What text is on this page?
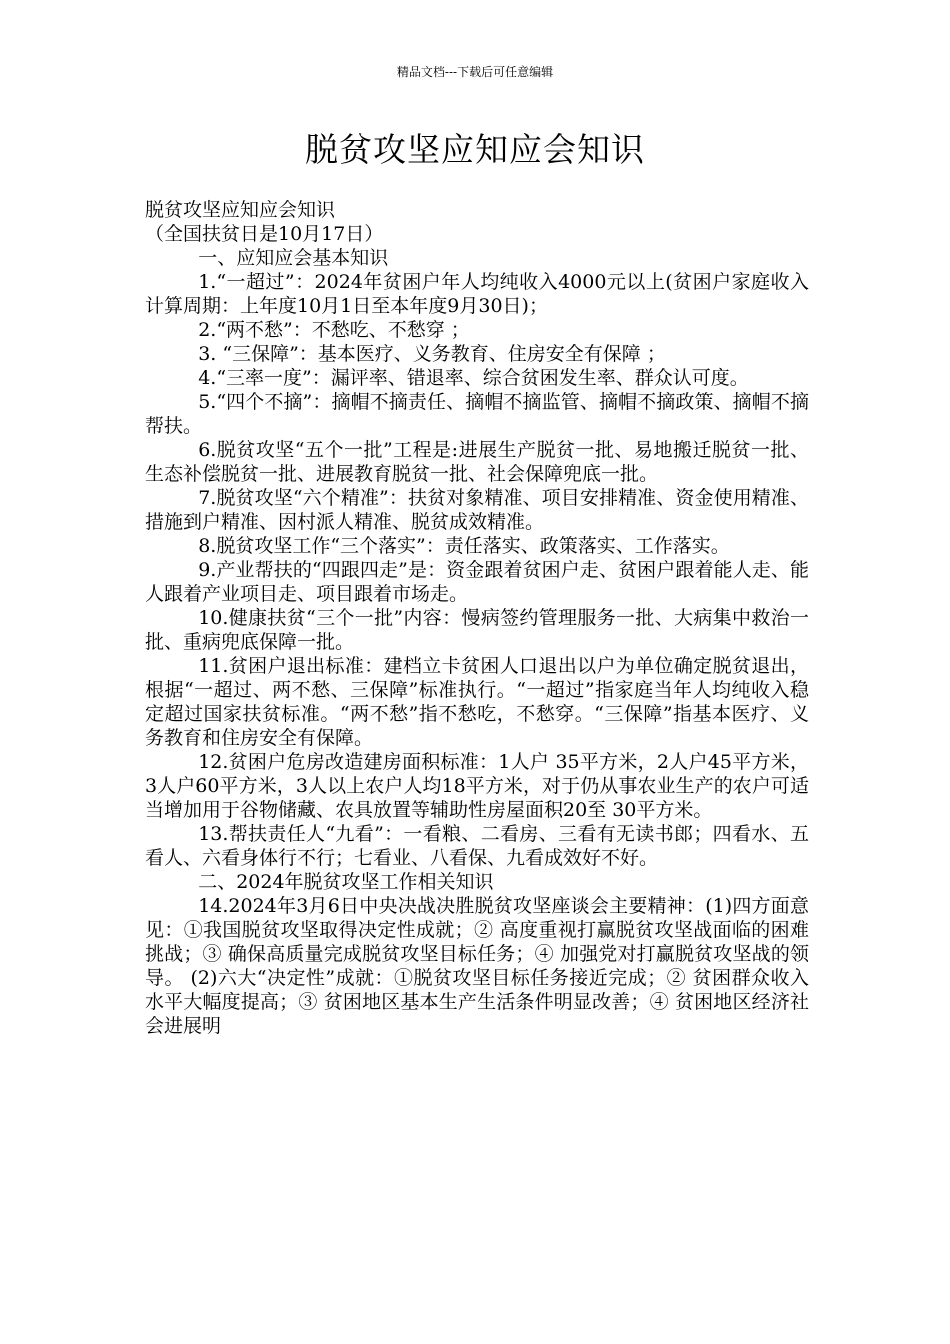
精品文档---下载后可任意编辑
脱贫攻坚应知应会知识

脱贫攻坚应知应会知识

（全国扶贫日是10月17日）

一、应知应会基本知识

1.“一超过”：2024年贫困户年人均纯收入4000元以上(贫困户家庭收入计算周期：上年度10月1日至本年度9月30日)；

2.“两不愁”：不愁吃、不愁穿 ；

3. “三保障”：基本医疗、义务教育、住房安全有保障 ；

4.“三率一度”：漏评率、错退率、综合贫困发生率、群众认可度。

5.“四个不摘”：摘帽不摘责任、摘帽不摘监管、摘帽不摘政策、摘帽不摘帮扶。

6.脱贫攻坚“五个一批”工程是:进展生产脱贫一批、易地搬迁脱贫一批、生态补偿脱贫一批、进展教育脱贫一批、社会保障兜底一批。

7.脱贫攻坚“六个精准”：扶贫对象精准、项目安排精准、资金使用精准、措施到户精准、因村派人精准、脱贫成效精准。

8.脱贫攻坚工作“三个落实”：责任落实、政策落实、工作落实。

9.产业帮扶的“四跟四走”是：资金跟着贫困户走、贫困户跟着能人走、能人跟着产业项目走、项目跟着市场走。

10.健康扶贫“三个一批”内容：慢病签约管理服务一批、大病集中救治一批、重病兜底保障一批。

11.贫困户退出标准：建档立卡贫困人口退出以户为单位确定脱贫退出，根据“一超过、两不愁、三保障”标准执行。“一超过”指家庭当年人均纯收入稳定超过国家扶贫标准。“两不愁”指不愁吃，不愁穿。“三保障”指基本医疗、义务教育和住房安全有保障。

12.贫困户危房改造建房面积标准：1人户 35平方米，2人户45平方米，3人户60平方米，3人以上农户人均18平方米，对于仍从事农业生产的农户可适当增加用于谷物储藏、农具放置等辅助性房屋面积20至 30平方米。

13.帮扶责任人“九看”：一看粮、二看房、三看有无读书郎；四看水、五看人、六看身体行不行；七看业、八看保、九看成效好不好。

二、2024年脱贫攻坚工作相关知识

14.2024年3月6日中央决战决胜脱贫攻坚座谈会主要精神：(1)四方面意见：①我国脱贫攻坚取得决定性成就；② 高度重视打赢脱贫攻坚战面临的困难挑战；③ 确保高质量完成脱贫攻坚目标任务；④ 加强党对打赢脱贫攻坚战的领导。 (2)六大“决定性”成就：①脱贫攻坚目标任务接近完成；② 贫困群众收入水平大幅度提高；③ 贫困地区基本生产生活条件明显改善；④ 贫困地区经济社会进展明
